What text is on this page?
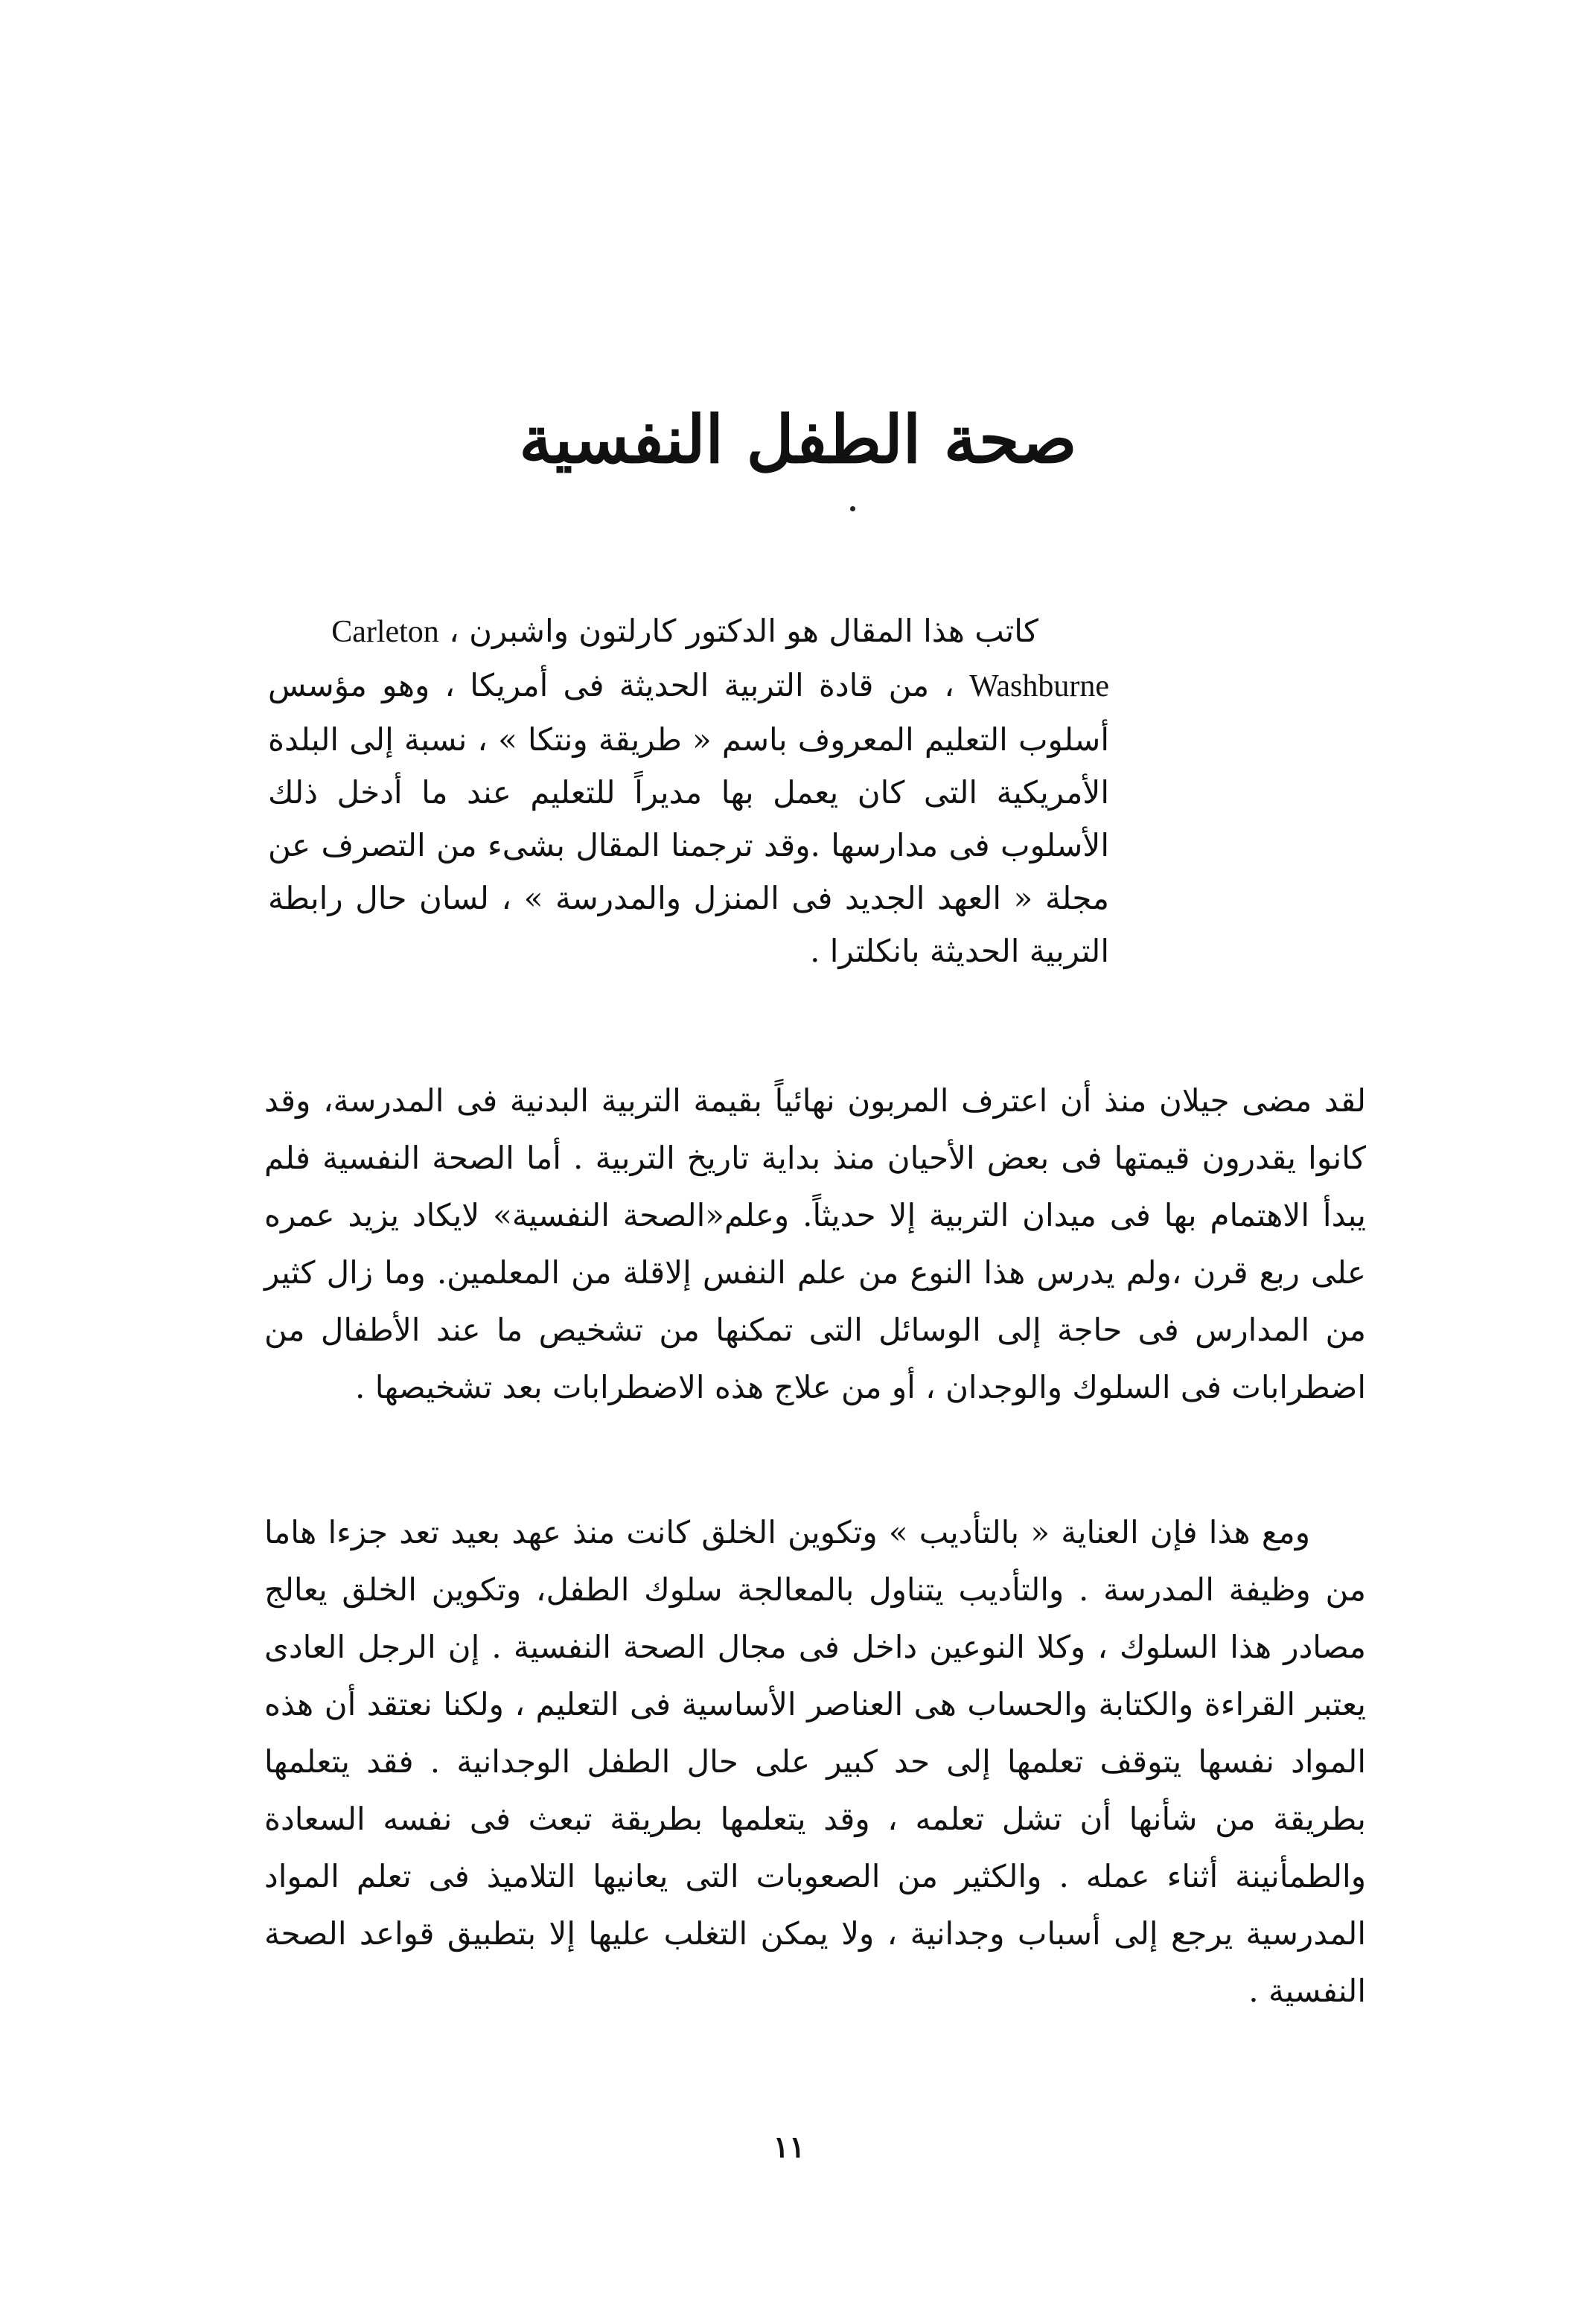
صحة الطفل النفسية

كاتب هذا المقال هو الدكتور كارلتون واشبرن ، Carleton
Washburne ، من قادة التربية الحديثة فى أمريكا ، وهو مؤسس أسلوب التعليم المعروف باسم « طريقة ونتكا » ، نسبة إلى البلدة الأمريكية التى كان يعمل بها مديراً للتعليم عند ما أدخل ذلك الأسلوب فى مدارسها .وقد ترجمنا المقال بشىء من التصرف عن مجلة « العهد الجديد فى المنزل والمدرسة » ، لسان حال رابطة التربية الحديثة بانكلترا .

لقد مضى جيلان منذ أن اعترف المربون نهائياً بقيمة التربية البدنية فى المدرسة، وقد كانوا يقدرون قيمتها فى بعض الأحيان منذ بداية تاريخ التربية . أما الصحة النفسية فلم يبدأ الاهتمام بها فى ميدان التربية إلا حديثاً. وعلم«الصحة النفسية» لايكاد يزيد عمره على ربع قرن ،ولم يدرس هذا النوع من علم النفس إلاقلة من المعلمين. وما زال كثير من المدارس فى حاجة إلى الوسائل التى تمكنها من تشخيص ما عند الأطفال من اضطرابات فى السلوك والوجدان ، أو من علاج هذه الاضطرابات بعد تشخيصها .

ومع هذا فإن العناية « بالتأديب » وتكوين الخلق كانت منذ عهد بعيد تعد جزءا هاما من وظيفة المدرسة . والتأديب يتناول بالمعالجة سلوك الطفل، وتكوين الخلق يعالج مصادر هذا السلوك ، وكلا النوعين داخل فى مجال الصحة النفسية . إن الرجل العادى يعتبر القراءة والكتابة والحساب هى العناصر الأساسية فى التعليم ، ولكنا نعتقد أن هذه المواد نفسها يتوقف تعلمها إلى حد كبير على حال الطفل الوجدانية . فقد يتعلمها بطريقة من شأنها أن تشل تعلمه ، وقد يتعلمها بطريقة تبعث فى نفسه السعادة والطمأنينة أثناء عمله . والكثير من الصعوبات التى يعانيها التلاميذ فى تعلم المواد المدرسية يرجع إلى أسباب وجدانية ، ولا يمكن التغلب عليها إلا بتطبيق قواعد الصحة النفسية .

١١
